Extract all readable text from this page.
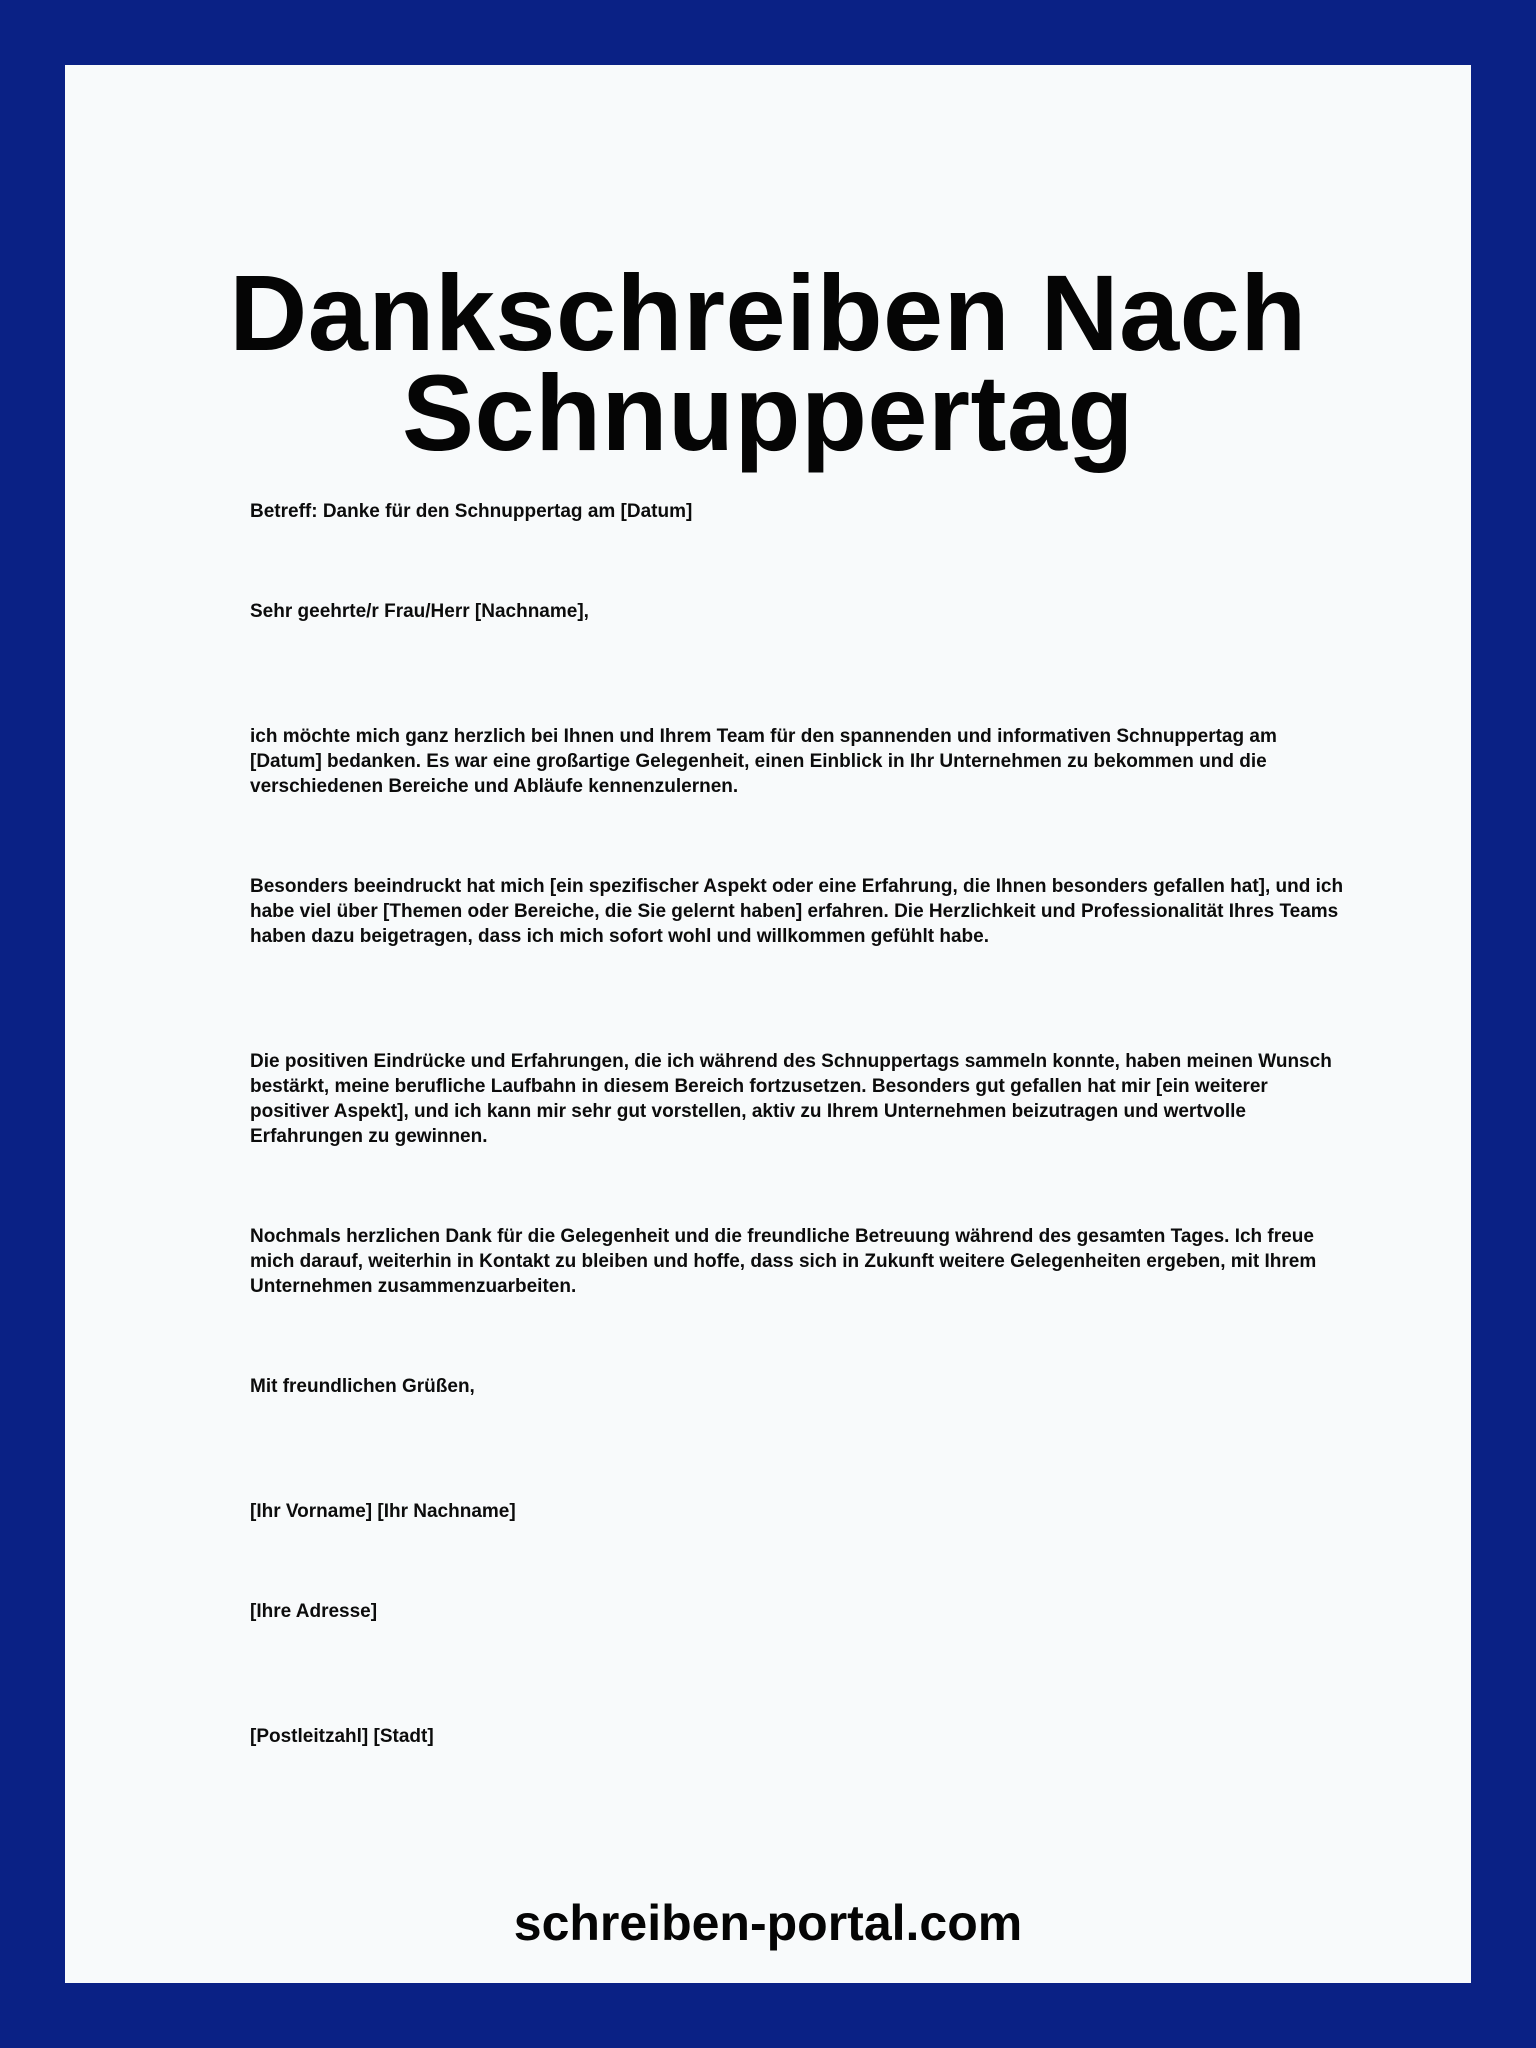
Dankschreiben Nach
Schnuppertag

Betreff: Danke für den Schnuppertag am [Datum]

Sehr geehrte/r Frau/Herr [Nachname],

ich möchte mich ganz herzlich bei Ihnen und Ihrem Team für den spannenden und informativen Schnuppertag am [Datum] bedanken. Es war eine großartige Gelegenheit, einen Einblick in Ihr Unternehmen zu bekommen und die verschiedenen Bereiche und Abläufe kennenzulernen.

Besonders beeindruckt hat mich [ein spezifischer Aspekt oder eine Erfahrung, die Ihnen besonders gefallen hat], und ich habe viel über [Themen oder Bereiche, die Sie gelernt haben] erfahren. Die Herzlichkeit und Professionalität Ihres Teams haben dazu beigetragen, dass ich mich sofort wohl und willkommen gefühlt habe.

Die positiven Eindrücke und Erfahrungen, die ich während des Schnuppertags sammeln konnte, haben meinen Wunsch bestärkt, meine berufliche Laufbahn in diesem Bereich fortzusetzen. Besonders gut gefallen hat mir [ein weiterer positiver Aspekt], und ich kann mir sehr gut vorstellen, aktiv zu Ihrem Unternehmen beizutragen und wertvolle Erfahrungen zu gewinnen.

Nochmals herzlichen Dank für die Gelegenheit und die freundliche Betreuung während des gesamten Tages. Ich freue mich darauf, weiterhin in Kontakt zu bleiben und hoffe, dass sich in Zukunft weitere Gelegenheiten ergeben, mit Ihrem Unternehmen zusammenzuarbeiten.

Mit freundlichen Grüßen,

[Ihr Vorname] [Ihr Nachname]

[Ihre Adresse]

[Postleitzahl] [Stadt]

schreiben-portal.com
